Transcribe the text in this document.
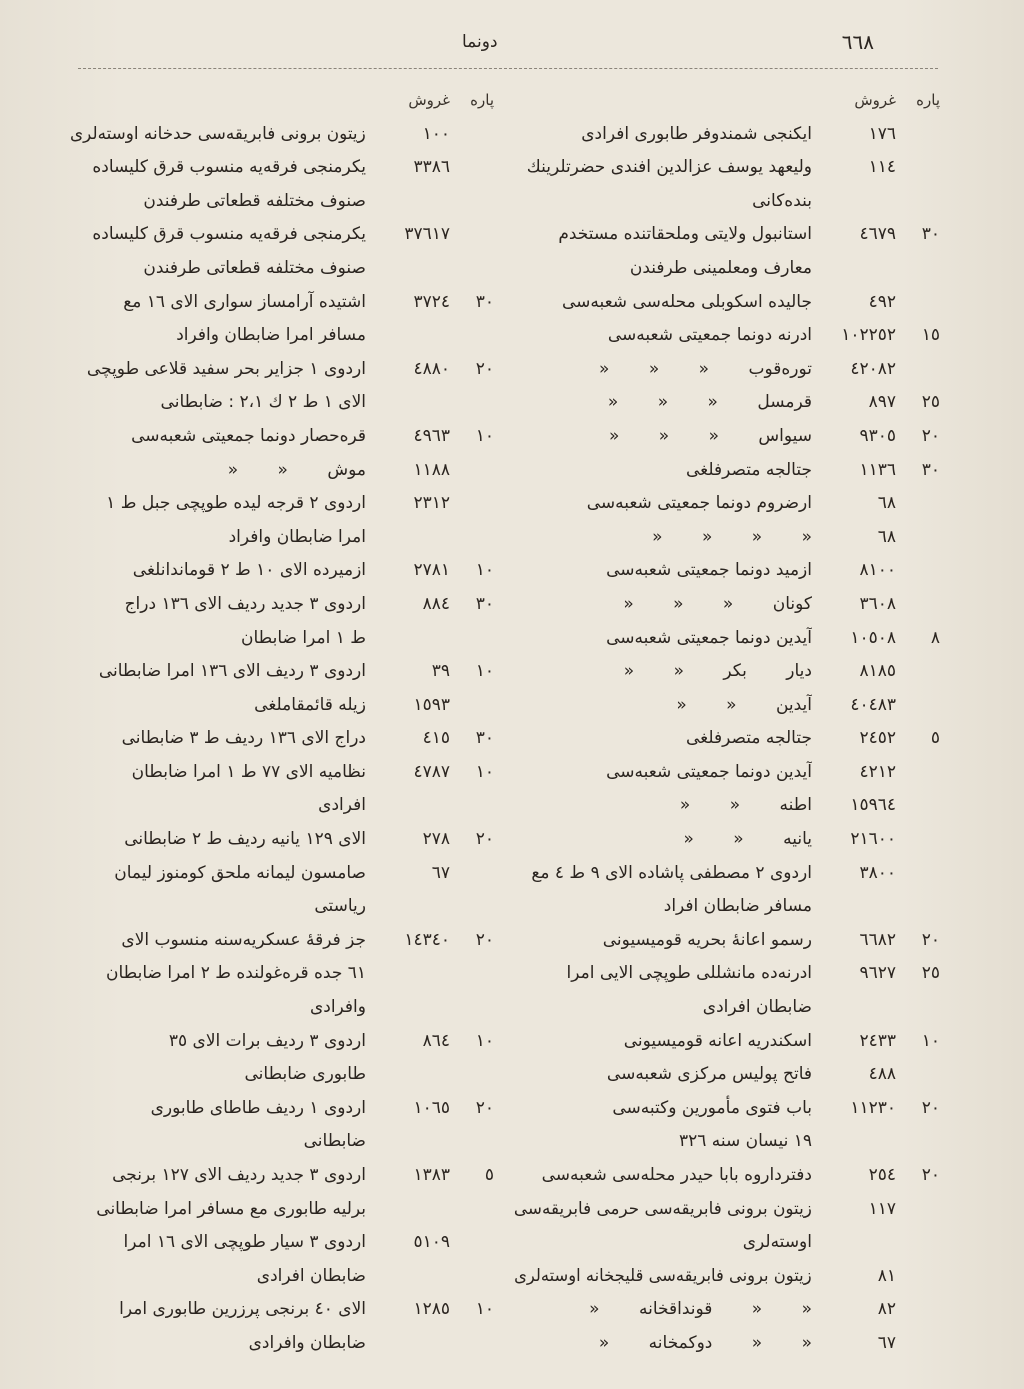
٦٦٨
دونما
پاره
غروش
١٧٦
ایکنجی شمندوفر طابوری افرادی
١١٤
ولیعهد یوسف عزالدین افندی حضرتلرینك
بنده‌کانی
٣٠
٤٦٧٩
استانبول ولایتی وملحقاتنده مستخدم
معارف ومعلمینی طرفندن
٤٩٢
جالیده اسکوبلی محله‌سی شعبه‌سی
١٥
١٠٢٢٥٢
ادرنه دونما جمعیتی شعبه‌سی
٤٢٠٨٢
توره‌قوب « « «
٢٥
٨٩٧
قرمسل « « «
٢٠
٩٣٠٥
سیواس « « «
٣٠
١١٣٦
جتالجه متصرفلغی
٦٨
ارضروم دونما جمعیتی شعبه‌سی
٦٨
« « « «
٨١٠٠
ازمید دونما جمعیتی شعبه‌سی
٣٦٠٨
کونان « « «
٨
١٠٥٠٨
آیدین دونما جمعیتی شعبه‌سی
٨١٨٥
دیار بکر « «
٤٠٤٨٣
آیدین « «
٥
٢٤٥٢
جتالجه متصرفلغی
٤٢١٢
آیدین دونما جمعیتی شعبه‌سی
١٥٩٦٤
اطنه « «
٢١٦٠٠
یانیه « «
٣٨٠٠
اردوی ٢ مصطفی پاشاده الای ٩ ط ٤ مع
مسافر ضابطان افراد
٢٠
٦٦٨٢
رسمو اعانهٔ بحریه قومیسیونی
٢٥
٩٦٢٧
ادرنه‌ده مانشللی طوپچی الایی امرا
ضابطان افرادی
١٠
٢٤٣٣
اسکندریه اعانه قومیسیونی
٤٨٨
فاتح پولیس مرکزی شعبه‌سی
٢٠
١١٢٣٠
باب فتوی مأمورین وکتبه‌سی
١٩ نیسان سنه ٣٢٦
٢٠
٢٥٤
دفترداروه بابا حیدر محله‌سی شعبه‌سی
١١٧
زیتون برونی فابریقه‌سی حرمی فابریقه‌سی
اوسته‌لری
٨١
زیتون برونی فابریقه‌سی قلیجخانه اوسته‌لری
٨٢
« « قونداقخانه «
٦٧
« « دوکمخانه «
پاره
غروش
١٠٠
زیتون برونی فابریقه‌سی حدخانه اوسته‌لری
٣٣٨٦
یکرمنجی فرقه‌یه منسوب قرق کلیساده
صنوف مختلفه قطعاتی طرفندن
٣٧٦١٧
یکرمنجی فرقه‌یه منسوب قرق کلیساده
صنوف مختلفه قطعاتی طرفندن
٣٠
٣٧٢٤
اشتیده آرامساز سواری الای ١٦ مع
مسافر امرا ضابطان وافراد
٢٠
٤٨٨٠
اردوی ١ جزایر بحر سفید قلاعی طوپچی
الای ١ ط ٢ ك ٢،١ : ضابطانی
١٠
٤٩٦٣
قره‌حصار دونما جمعیتی شعبه‌سی
١١٨٨
موش « «
٢٣١٢
اردوی ٢ قرجه لیده طوپچی جبل ط ١
امرا ضابطان وافراد
١٠
٢٧٨١
ازمیرده الای ١٠ ط ٢ قوماندانلغی
٣٠
٨٨٤
اردوی ٣ جدید ردیف الای ١٣٦ دراج
ط ١ امرا ضابطان
١٠
٣٩
اردوی ٣ ردیف الای ١٣٦ امرا ضابطانی
١٥٩٣
زیله قائمقاملغی
٣٠
٤١٥
دراج الای ١٣٦ ردیف ط ٣ ضابطانی
١٠
٤٧٨٧
نظامیه الای ٧٧ ط ١ امرا ضابطان
افرادی
٢٠
٢٧٨
الای ١٢٩ یانیه ردیف ط ٢ ضابطانی
٦٧
صامسون لیمانه ملحق کومنوز لیمان
ریاستی
٢٠
١٤٣٤٠
جز فرقهٔ عسکریه‌سنه منسوب الای
٦١ جده قره‌غولنده ط ٢ امرا ضابطان
وافرادی
١٠
٨٦٤
اردوی ٣ ردیف برات الای ٣٥
طابوری ضابطانی
٢٠
١٠٦٥
اردوی ١ ردیف طاطای طابوری
ضابطانی
٥
١٣٨٣
اردوی ٣ جدید ردیف الای ١٢٧ برنجی
برلیه طابوری مع مسافر امرا ضابطانی
٥١٠٩
اردوی ٣ سیار طوپچی الای ١٦ امرا
ضابطان افرادی
١٠
١٢٨٥
الای ٤٠ برنجی پرزرین طابوری امرا
ضابطان وافرادی
